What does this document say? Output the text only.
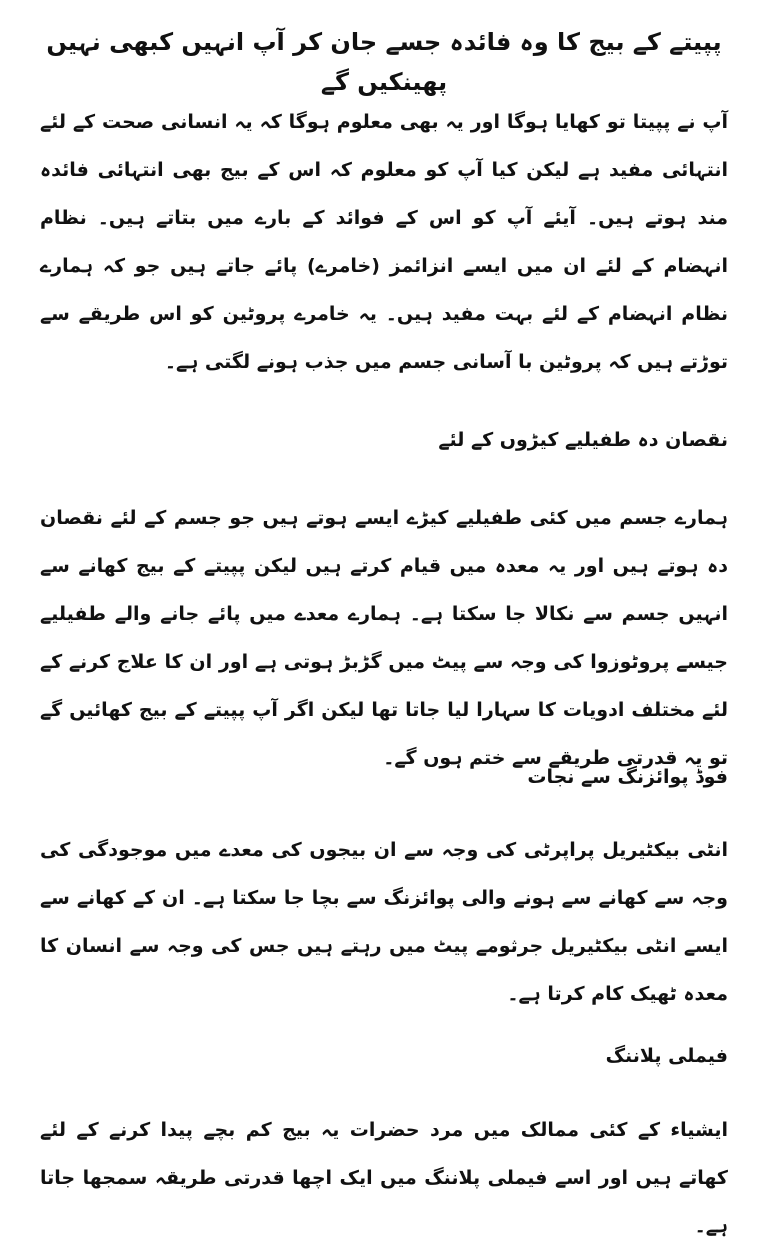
پپیتے کے بیج کا وہ فائدہ جسے جان کر آپ انہیں کبھی نہیں پھینکیں گے
آپ نے پپیتا تو کھایا ہوگا اور یہ بھی معلوم ہوگا کہ یہ انسانی صحت کے لئے انتہائی مفید ہے لیکن کیا آپ کو معلوم کہ اس کے بیج بھی انتہائی فائدہ مند ہوتے ہیں۔ آیئے آپ کو اس کے فوائد کے بارے میں بتاتے ہیں۔ نظام انہضام کے لئے ان میں ایسے انزائمز (خامرے) پائے جاتے ہیں جو کہ ہمارے نظام انہضام کے لئے بہت مفید ہیں۔ یہ خامرے پروٹین کو اس طریقے سے توڑتے ہیں کہ پروٹین با آسانی جسم میں جذب ہونے لگتی ہے۔
نقصان دہ طفیلیے کیڑوں کے لئے
ہمارے جسم میں کئی طفیلیے کیڑے ایسے ہوتے ہیں جو جسم کے لئے نقصان دہ ہوتے ہیں اور یہ معدہ میں قیام کرتے ہیں لیکن پپیتے کے بیج کھانے سے انہیں جسم سے نکالا جا سکتا ہے۔ ہمارے معدے میں پائے جانے والے طفیلیے جیسے پروٹوزوا کی وجہ سے پیٹ میں گڑبڑ ہوتی ہے اور ان کا علاج کرنے کے لئے مختلف ادویات کا سہارا لیا جاتا تھا لیکن اگر آپ پپیتے کے بیج کھائیں گے تو یہ قدرتی طریقے سے ختم ہوں گے۔
فوڈ پوائزنگ سے نجات
انٹی بیکٹیریل پراپرٹی کی وجہ سے ان بیجوں کی معدے میں موجودگی کی وجہ سے کھانے سے ہونے والی پوائزنگ سے بچا جا سکتا ہے۔ ان کے کھانے سے ایسے انٹی بیکٹیریل جرثومے پیٹ میں رہتے ہیں جس کی وجہ سے انسان کا معدہ ٹھیک کام کرتا ہے۔
فیملی پلاننگ
ایشیاء کے کئی ممالک میں مرد حضرات یہ بیج کم بچے پیدا کرنے کے لئے کھاتے ہیں اور اسے فیملی پلاننگ میں ایک اچھا قدرتی طریقہ سمجھا جاتا ہے۔
